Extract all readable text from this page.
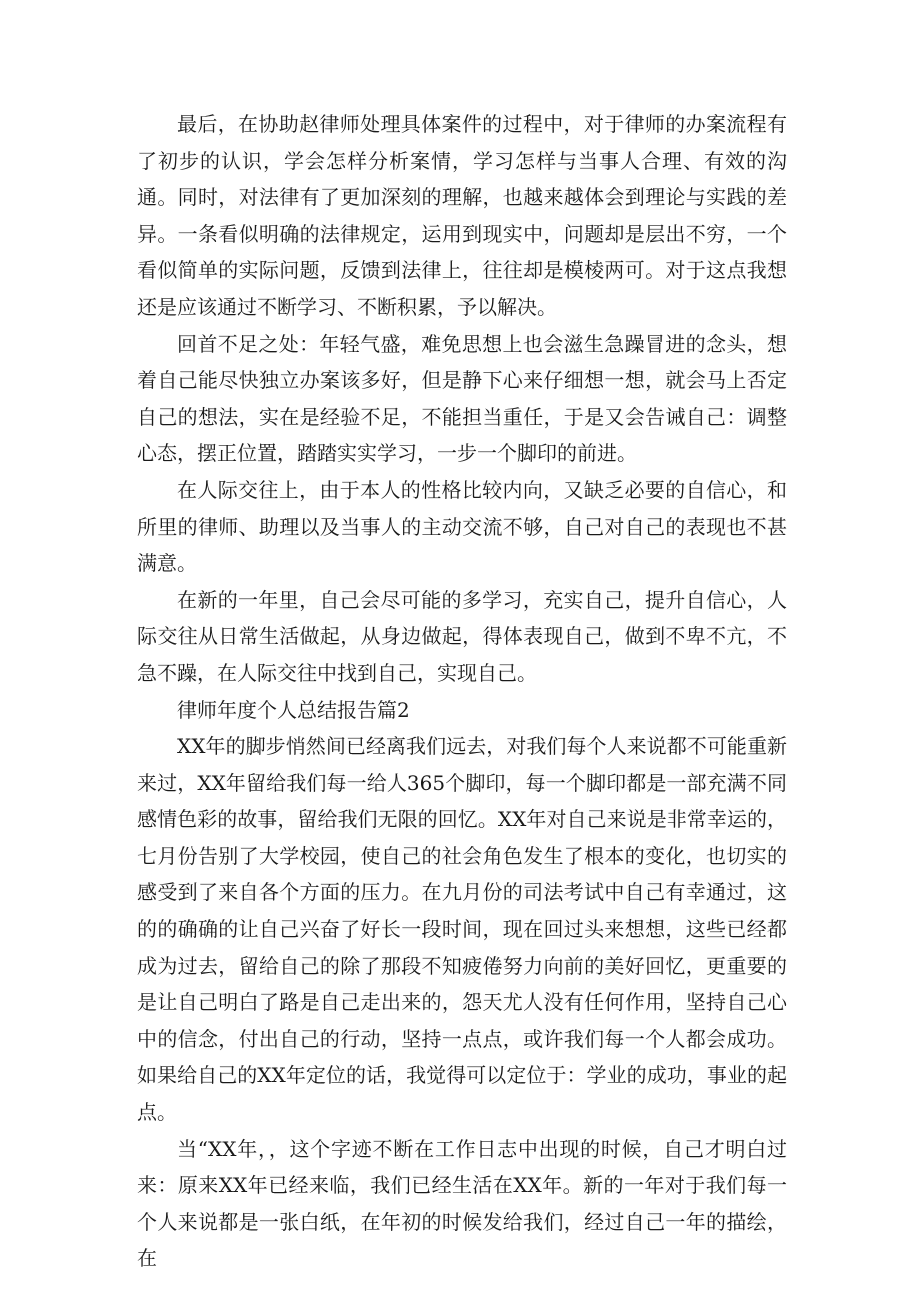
最后，在协助赵律师处理具体案件的过程中，对于律师的办案流程有了初步的认识，学会怎样分析案情，学习怎样与当事人合理、有效的沟通。同时，对法律有了更加深刻的理解，也越来越体会到理论与实践的差异。一条看似明确的法律规定，运用到现实中，问题却是层出不穷，一个看似简单的实际问题，反馈到法律上，往往却是模棱两可。对于这点我想还是应该通过不断学习、不断积累，予以解决。

回首不足之处：年轻气盛，难免思想上也会滋生急躁冒进的念头，想着自己能尽快独立办案该多好，但是静下心来仔细想一想，就会马上否定自己的想法，实在是经验不足，不能担当重任，于是又会告诫自己：调整心态，摆正位置，踏踏实实学习，一步一个脚印的前进。

在人际交往上，由于本人的性格比较内向，又缺乏必要的自信心，和所里的律师、助理以及当事人的主动交流不够，自己对自己的表现也不甚满意。

在新的一年里，自己会尽可能的多学习，充实自己，提升自信心，人际交往从日常生活做起，从身边做起，得体表现自己，做到不卑不亢，不急不躁，在人际交往中找到自己，实现自己。

律师年度个人总结报告篇2

XX年的脚步悄然间已经离我们远去，对我们每个人来说都不可能重新来过，XX年留给我们每一给人365个脚印，每一个脚印都是一部充满不同感情色彩的故事，留给我们无限的回忆。XX年对自己来说是非常幸运的，七月份告别了大学校园，使自己的社会角色发生了根本的变化，也切实的感受到了来自各个方面的压力。在九月份的司法考试中自己有幸通过，这的的确确的让自己兴奋了好长一段时间，现在回过头来想想，这些已经都成为过去，留给自己的除了那段不知疲倦努力向前的美好回忆，更重要的是让自己明白了路是自己走出来的，怨天尤人没有任何作用，坚持自己心中的信念，付出自己的行动，坚持一点点，或许我们每一个人都会成功。如果给自己的XX年定位的话，我觉得可以定位于：学业的成功，事业的起点。

当“XX年，，这个字迹不断在工作日志中出现的时候，自己才明白过来：原来XX年已经来临，我们已经生活在XX年。新的一年对于我们每一个人来说都是一张白纸，在年初的时候发给我们，经过自己一年的描绘，在
